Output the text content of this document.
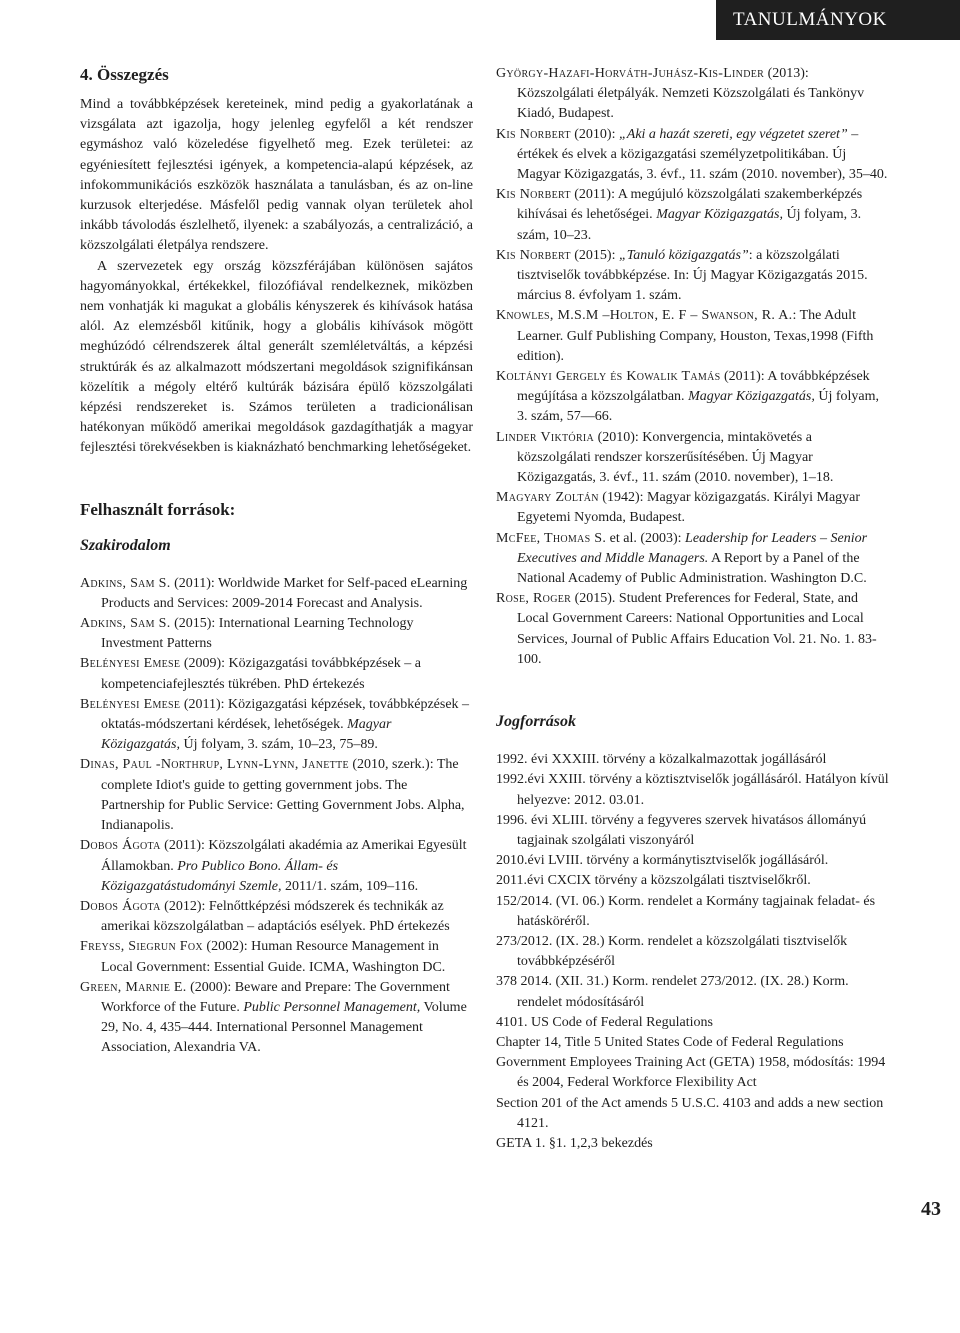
TANULMÁNYOK
4. Összegzés

Mind a továbbképzések kereteinek, mind pedig a gyakorlatának a vizsgálata azt igazolja, hogy jelenleg egyfelől a két rendszer egymáshoz való közeledése figyelhető meg. Ezek területei: az egyéniesített fejlesztési igények, a kompetencia-alapú képzések, az infokommunikációs eszközök használata a tanulásban, és az on-line kurzusok elterjedése. Másfelől pedig vannak olyan területek ahol inkább távolodás észlelhető, ilyenek: a szabályozás, a centralizáció, a közszolgálati életpálya rendszere.

A szervezetek egy ország közszférájában különösen sajátos hagyományokkal, értékekkel, filozófiával rendelkeznek, miközben nem vonhatják ki magukat a globális kényszerek és kihívások hatása alól. Az elemzésből kitűnik, hogy a globális kihívások mögött meghúzódó célrendszerek által generált szemléletváltás, a képzési struktúrák és az alkalmazott módszertani megoldások szignifikánsan közelítik a mégoly eltérő kultúrák bázisára épülő közszolgálati képzési rendszereket is. Számos területen a tradicionálisan hatékonyan működő amerikai megoldások gazdagíthatják a magyar fejlesztési törekvésekben is kiaknázható benchmarking lehetőségeket.

Felhasznált források:
Szakirodalom

Adkins, Sam S. (2011): Worldwide Market for Self-paced eLearning Products and Services: 2009-2014 Forecast and Analysis.

Adkins, Sam S. (2015): International Learning Technology Investment Patterns

Belényesi Emese (2009): Közigazgatási továbbképzések – a kompetenciafejlesztés tükrében. PhD értekezés

Belényesi Emese (2011): Közigazgatási képzések, továbbképzések – oktatás-módszertani kérdések, lehetőségek. Magyar Közigazgatás, Új folyam, 3. szám, 10–23, 75–89.

Dinas, Paul -Northrup, Lynn-Lynn, Janette (2010, szerk.): The complete Idiot's guide to getting government jobs. The Partnership for Public Service: Getting Government Jobs. Alpha, Indianapolis.

Dobos Ágota (2011): Közszolgálati akadémia az Amerikai Egyesült Államokban. Pro Publico Bono. Állam- és Közigazgatástudományi Szemle, 2011/1. szám, 109–116.

Dobos Ágota (2012): Felnőttképzési módszerek és technikák az amerikai közszolgálatban – adaptációs esélyek. PhD értekezés

Freyss, Siegrun Fox (2002): Human Resource Management in Local Government: Essential Guide. ICMA, Washington DC.

Green, Marnie E. (2000): Beware and Prepare: The Government Workforce of the Future. Public Personnel Management, Volume 29, No. 4, 435–444. International Personnel Management Association, Alexandria VA.

György-Hazafi-Horváth-Juhász-Kis-Linder (2013): Közszolgálati életpályák. Nemzeti Közszolgálati és Tankönyv Kiadó, Budapest.

Kis Norbert (2010): „Aki a hazát szereti, egy végzetet szeret” – értékek és elvek a közigazgatási személyzetpolitikában. Új Magyar Közigazgatás, 3. évf., 11. szám (2010. november), 35–40.

Kis Norbert (2011): A megújuló közszolgálati szakemberképzés kihívásai és lehetőségei. Magyar Közigazgatás, Új folyam, 3. szám, 10–23.

Kis Norbert (2015): „Tanuló közigazgatás”: a közszolgálati tisztviselők továbbképzése. In: Új Magyar Közigazgatás 2015. március 8. évfolyam 1. szám.

Knowles, M.S.M –Holton, E. F – Swanson, R. A.: The Adult Learner. Gulf Publishing Company, Houston, Texas,1998 (Fifth edition).

Koltányi Gergely és Kowalik Tamás (2011): A továbbképzések megújítása a közszolgálatban. Magyar Közigazgatás, Új folyam, 3. szám, 57—66.

Linder Viktória (2010): Konvergencia, mintakövetés a közszolgálati rendszer korszerűsítésében. Új Magyar Közigazgatás, 3. évf., 11. szám (2010. november), 1–18.

Magyary Zoltán (1942): Magyar közigazgatás. Királyi Magyar Egyetemi Nyomda, Budapest.

McFee, Thomas S. et al. (2003): Leadership for Leaders – Senior Executives and Middle Managers. A Report by a Panel of the National Academy of Public Administration. Washington D.C.

Rose, Roger (2015). Student Preferences for Federal, State, and Local Government Careers: National Opportunities and Local Services, Journal of Public Affairs Education Vol. 21. No. 1. 83-100.

Jogforrások

1992. évi XXXIII. törvény a közalkalmazottak jogállásáról

1992.évi XXIII. törvény a köztisztviselők jogállásáról. Hatályon kívül helyezve: 2012. 03.01.

1996. évi XLIII. törvény a fegyveres szervek hivatásos állományú tagjainak szolgálati viszonyáról

2010.évi LVIII. törvény a kormánytisztviselők jogállásáról.

2011.évi CXCIX törvény a közszolgálati tisztviselőkről.

152/2014. (VI. 06.) Korm. rendelet a Kormány tagjainak feladat- és hatásköréről.

273/2012. (IX. 28.) Korm. rendelet a közszolgálati tisztviselők továbbképzéséről

378 2014. (XII. 31.) Korm. rendelet 273/2012. (IX. 28.) Korm. rendelet módosításáról

4101. US Code of Federal Regulations

Chapter 14, Title 5 United States Code of Federal Regulations

Government Employees Training Act (GETA) 1958, módosítás: 1994 és 2004, Federal Workforce Flexibility Act

Section 201 of the Act amends 5 U.S.C. 4103 and adds a new section 4121.

GETA 1. §1. 1,2,3 bekezdés

43
